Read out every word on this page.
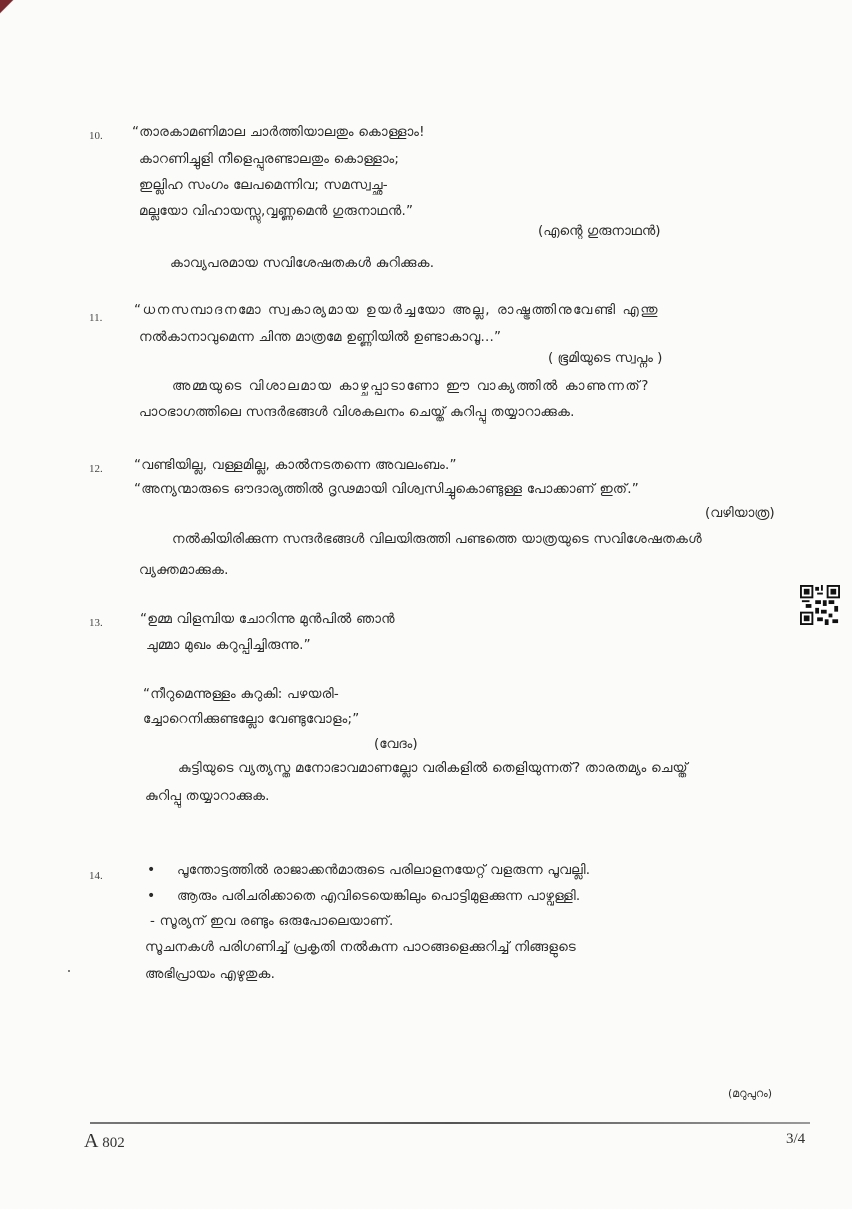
10. “താരകാമണിമാല ചാർത്തിയാലതും കൊള്ളാം!
കാറണിച്ചുളി നീളെപ്പുരണ്ടാലതും കൊള്ളാം;
ഇല്ലിഹ സംഗം ലേപമെന്നിവ; സമസ്വച്ഛ-
മല്ലയോ വിഹായസ്സു,വ്വണ്ണമെൻ ഗുരുനാഥൻ.”
(എന്റെ ഗുരുനാഥൻ)
കാവ്യപരമായ സവിശേഷതകൾ കുറിക്കുക.
11. “ധനസമ്പാദനമോ സ്വകാര്യമായ ഉയർച്ചയോ അല്ല, രാഷ്ട്രത്തിനുവേണ്ടി എന്തു
നൽകാനാവുമെന്ന ചിന്ത മാത്രമേ ഉണ്ണിയിൽ ഉണ്ടാകാവൂ...”
( ഭൂമിയുടെ സ്വപ്നം )
അമ്മയുടെ വിശാലമായ കാഴ്ചപ്പാടാണോ ഈ വാക്യത്തിൽ കാണുന്നത്?
പാഠഭാഗത്തിലെ സന്ദർഭങ്ങൾ വിശകലനം ചെയ്ത് കുറിപ്പു തയ്യാറാക്കുക.
12. “വണ്ടിയില്ല, വള്ളമില്ല, കാൽനടതന്നെ അവലംബം.”
“അന്യന്മാരുടെ ഔദാര്യത്തിൽ ദൃഢമായി വിശ്വസിച്ചുകൊണ്ടുള്ള പോക്കാണ് ഇത്.”
(വഴിയാത്ര)
നൽകിയിരിക്കുന്ന സന്ദർഭങ്ങൾ വിലയിരുത്തി പണ്ടത്തെ യാത്രയുടെ സവിശേഷതകൾ
വ്യക്തമാക്കുക.
13.	“ഉമ്മ വിളമ്പിയ ചോറിന്നു മുൻപിൽ ഞാൻ
ചുമ്മാ മുഖം കറുപ്പിച്ചിരുന്നു.”
“നീറുമെന്നുള്ളം കുറുകി: പഴയരി-
ച്ചോറെനിക്കുണ്ടല്ലോ വേണ്ടുവോളം;”
(വേദം)
കുട്ടിയുടെ വ്യത്യസ്ത മനോഭാവമാണല്ലോ വരികളിൽ തെളിയുന്നത്? താരതമ്യം ചെയ്ത്
കുറിപ്പു തയ്യാറാക്കുക.
14.	• പൂന്തോട്ടത്തിൽ രാജാക്കൻമാരുടെ പരിലാളനയേറ്റ് വളരുന്ന പൂവല്ലി.
• ആരും പരിചരിക്കാതെ എവിടെയെങ്കിലും പൊട്ടിമുളക്കുന്ന പാഴ്വള്ളി.
- സൂര്യന് ഇവ രണ്ടും ഒരുപോലെയാണ്.
സൂചനകൾ പരിഗണിച്ച് പ്രകൃതി നൽകുന്ന പാഠങ്ങളെക്കുറിച്ച് നിങ്ങളുടെ
അഭിപ്രായം എഴുതുക.
(മറുപുറം)
A 802	3/4
